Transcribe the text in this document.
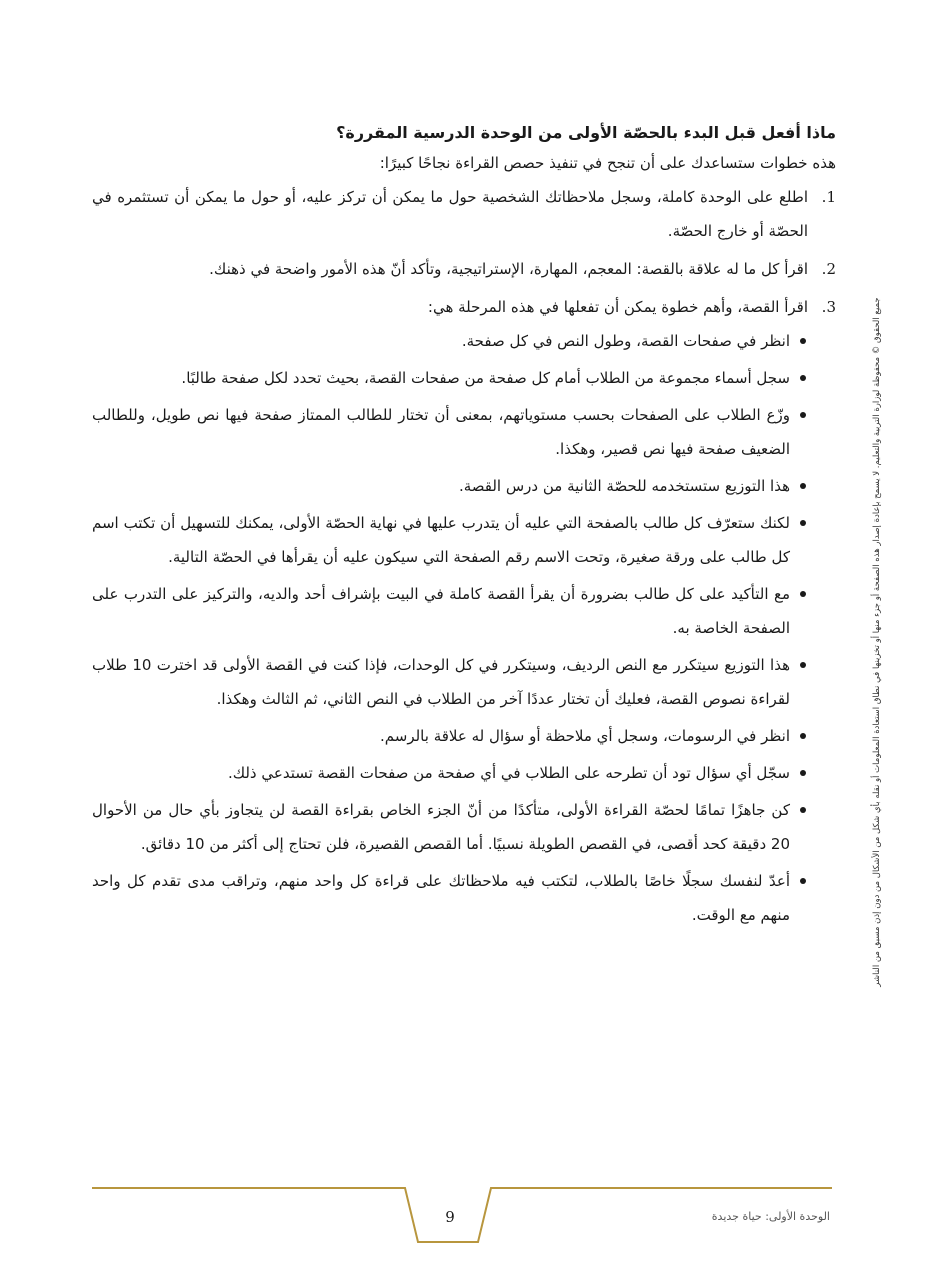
ماذا أفعل قبل البدء بالحصّة الأولى من الوحدة الدرسية المقررة؟

هذه خطوات ستساعدك على أن تنجح في تنفيذ حصص القراءة نجاحًا كبيرًا:

1.
اطلع على الوحدة كاملة، وسجل ملاحظاتك الشخصية حول ما يمكن أن تركز عليه، أو حول ما يمكن أن تستثمره في الحصّة أو خارج الحصّة.
2.
اقرأ كل ما له علاقة بالقصة: المعجم، المهارة، الإستراتيجية، وتأكد أنّ هذه الأمور واضحة في ذهنك.
3.
اقرأ القصة، وأهم خطوة يمكن أن تفعلها في هذه المرحلة هي:
انظر في صفحات القصة، وطول النص في كل صفحة.
سجل أسماء مجموعة من الطلاب أمام كل صفحة من صفحات القصة، بحيث تحدد لكل صفحة طالبًا.
وزّع الطلاب على الصفحات بحسب مستوياتهم، بمعنى أن تختار للطالب الممتاز صفحة فيها نص طويل، وللطالب الضعيف صفحة فيها نص قصير، وهكذا.
هذا التوزيع ستستخدمه للحصّة الثانية من درس القصة.
لكنك ستعرّف كل طالب بالصفحة التي عليه أن يتدرب عليها في نهاية الحصّة الأولى، يمكنك للتسهيل أن تكتب اسم كل طالب على ورقة صغيرة، وتحت الاسم رقم الصفحة التي سيكون عليه أن يقرأها في الحصّة التالية.
مع التأكيد على كل طالب بضرورة أن يقرأ القصة كاملة في البيت بإشراف أحد والديه، والتركيز على التدرب على الصفحة الخاصة به.
هذا التوزيع سيتكرر مع النص الرديف، وسيتكرر في كل الوحدات، فإذا كنت في القصة الأولى قد اخترت 10 طلاب لقراءة نصوص القصة، فعليك أن تختار عددًا آخر من الطلاب في النص الثاني، ثم الثالث وهكذا.
انظر في الرسومات، وسجل أي ملاحظة أو سؤال له علاقة بالرسم.
سجّل أي سؤال تود أن تطرحه على الطلاب في أي صفحة من صفحات القصة تستدعي ذلك.
كن جاهزًا تمامًا لحصّة القراءة الأولى، متأكدًا من أنّ الجزء الخاص بقراءة القصة لن يتجاوز بأي حال من الأحوال 20 دقيقة كحد أقصى، في القصص الطويلة نسبيًا. أما القصص القصيرة، فلن تحتاج إلى أكثر من 10 دقائق.
أعدّ لنفسك سجلًا خاصًا بالطلاب، لتكتب فيه ملاحظاتك على قراءة كل واحد منهم، وتراقب مدى تقدم كل واحد منهم مع الوقت.	جميع الحقوق © محفوظة لوزارة التربية والتعليم. لا يسمح بإعادة إصدار هذه الصفحة أو جزء منها أو تخزينها في نطاق استعادة المعلومات أو نقله بأي شكل من الأشكال من دون إذن مسبق من الناشر
9	الوحدة الأولى: حياة جديدة
